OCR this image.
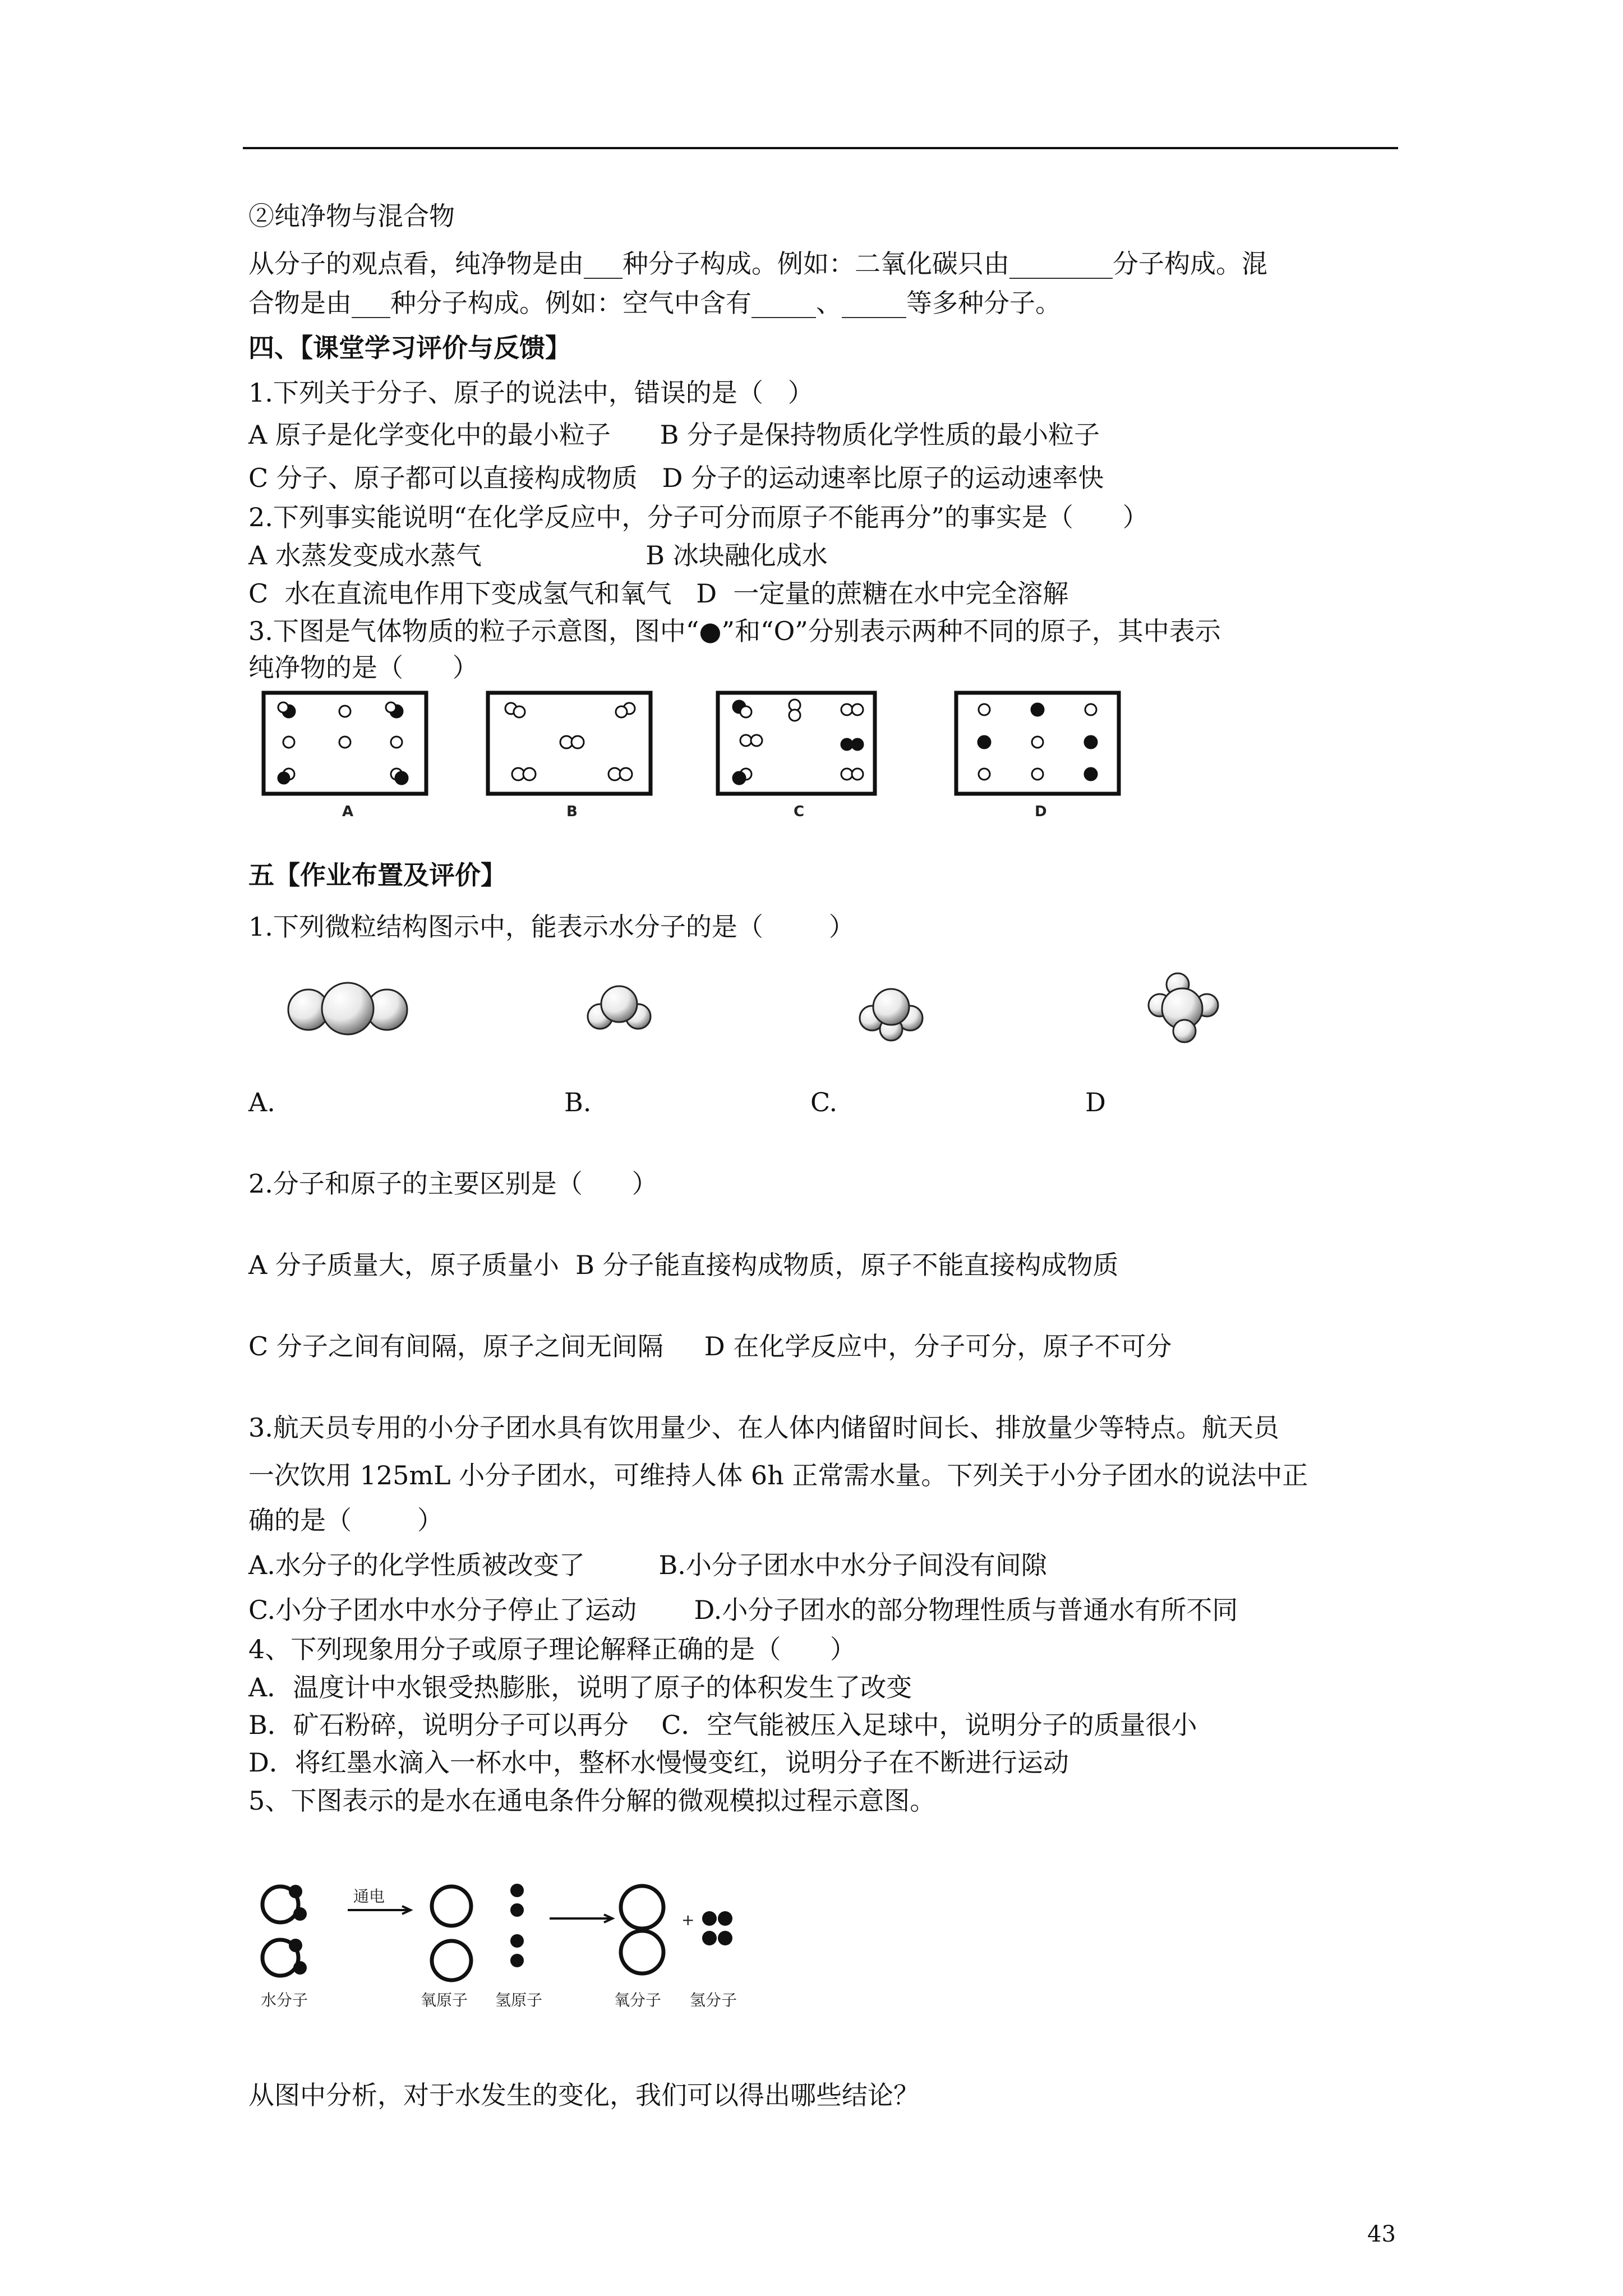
②纯净物与混合物
从分子的观点看，纯净物是由___种分子构成。例如：二氧化碳只由________分子构成。混
合物是由___种分子构成。例如：空气中含有_____、_____等多种分子。
四、【课堂学习评价与反馈】
1.下列关于分子、原子的说法中，错误的是（   ）
A 原子是化学变化中的最小粒子      B 分子是保持物质化学性质的最小粒子
C 分子、原子都可以直接构成物质   D 分子的运动速率比原子的运动速率快
2.下列事实能说明“在化学反应中，分子可分而原子不能再分”的事实是（      ）
A 水蒸发变成水蒸气                    B 冰块融化成水
C  水在直流电作用下变成氢气和氧气   D  一定量的蔗糖在水中完全溶解
3.下图是气体物质的粒子示意图，图中“●”和“O”分别表示两种不同的原子，其中表示
纯净物的是（      ）
A	B	C	D
五【作业布置及评价】
1.下列微粒结构图示中，能表示水分子的是（        ）
A.	B.	C.	D
2.分子和原子的主要区别是（      ）
A 分子质量大，原子质量小  B 分子能直接构成物质，原子不能直接构成物质
C 分子之间有间隔，原子之间无间隔     D 在化学反应中，分子可分，原子不可分
3.航天员专用的小分子团水具有饮用量少、在人体内储留时间长、排放量少等特点。航天员
一次饮用 125mL 小分子团水，可维持人体 6h 正常需水量。下列关于小分子团水的说法中正
确的是（        ）
A.水分子的化学性质被改变了         B.小分子团水中水分子间没有间隙
C.小分子团水中水分子停止了运动       D.小分子团水的部分物理性质与普通水有所不同
4、下列现象用分子或原子理论解释正确的是（      ）
A．温度计中水银受热膨胀，说明了原子的体积发生了改变
B．矿石粉碎，说明分子可以再分    C．空气能被压入足球中，说明分子的质量很小
D．将红墨水滴入一杯水中，整杯水慢慢变红，说明分子在不断进行运动
5、下图表示的是水在通电条件分解的微观模拟过程示意图。
通电
+
水分子	氧原子 氢原子	氧分子 氢分子
从图中分析，对于水发生的变化，我们可以得出哪些结论？
43
